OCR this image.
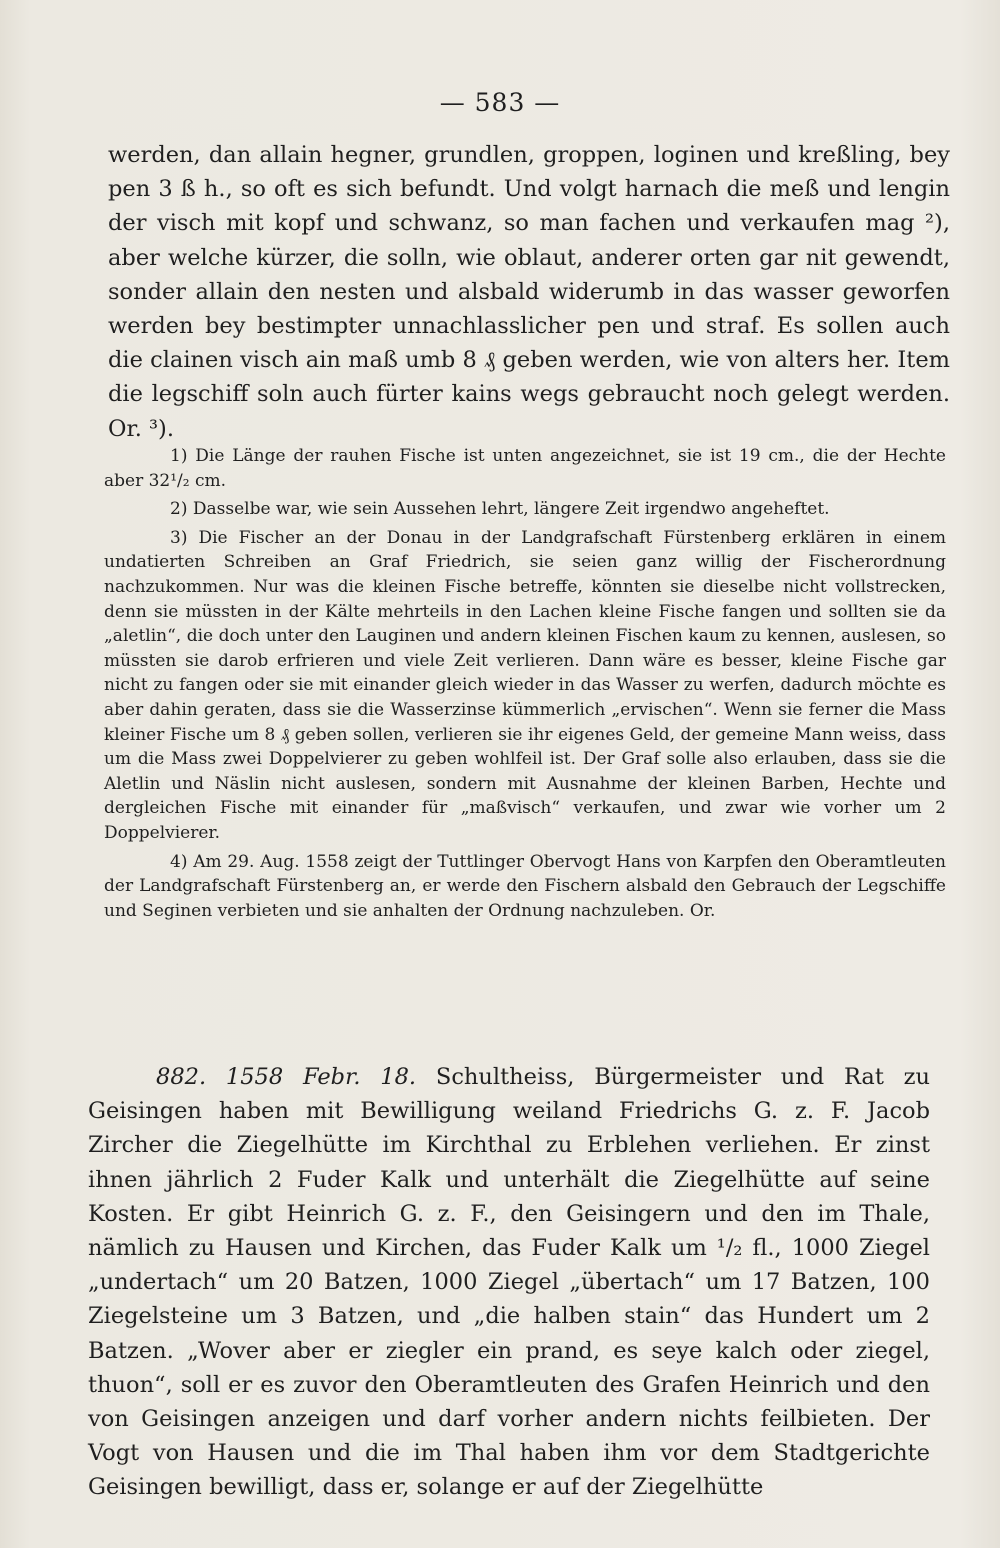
— 583 —

werden, dan allain hegner, grundlen, groppen, loginen und kreßling, bey pen 3 ß h., so oft es sich befundt. Und volgt harnach die meß und lengin der visch mit kopf und schwanz, so man fachen und verkaufen mag ²), aber welche kürzer, die solln, wie oblaut, anderer orten gar nit gewendt, sonder allain den nesten und alsbald widerumb in das wasser geworfen werden bey bestimpter unnachlasslicher pen und straf. Es sollen auch die clainen visch ain maß umb 8 ₰ geben werden, wie von alters her. Item die legschiff soln auch fürter kains wegs gebraucht noch gelegt werden. Or. ³).

1) Die Länge der rauhen Fische ist unten angezeichnet, sie ist 19 cm., die der Hechte aber 32¹/₂ cm.

2) Dasselbe war, wie sein Aussehen lehrt, längere Zeit irgendwo angeheftet.

3) Die Fischer an der Donau in der Landgrafschaft Fürstenberg erklären in einem undatierten Schreiben an Graf Friedrich, sie seien ganz willig der Fischerordnung nachzukommen. Nur was die kleinen Fische betreffe, könnten sie dieselbe nicht vollstrecken, denn sie müssten in der Kälte mehrteils in den Lachen kleine Fische fangen und sollten sie da „aletlin“, die doch unter den Lauginen und andern kleinen Fischen kaum zu kennen, auslesen, so müssten sie darob erfrieren und viele Zeit verlieren. Dann wäre es besser, kleine Fische gar nicht zu fangen oder sie mit einander gleich wieder in das Wasser zu werfen, dadurch möchte es aber dahin geraten, dass sie die Wasserzinse kümmerlich „ervischen“. Wenn sie ferner die Mass kleiner Fische um 8 ₰ geben sollen, verlieren sie ihr eigenes Geld, der gemeine Mann weiss, dass um die Mass zwei Doppelvierer zu geben wohlfeil ist. Der Graf solle also erlauben, dass sie die Aletlin und Näslin nicht auslesen, sondern mit Ausnahme der kleinen Barben, Hechte und dergleichen Fische mit einander für „maßvisch“ verkaufen, und zwar wie vorher um 2 Doppelvierer.

4) Am 29. Aug. 1558 zeigt der Tuttlinger Obervogt Hans von Karpfen den Oberamtleuten der Landgrafschaft Fürstenberg an, er werde den Fischern alsbald den Gebrauch der Legschiffe und Seginen verbieten und sie anhalten der Ordnung nachzuleben. Or.

882. 1558 Febr. 18. Schultheiss, Bürgermeister und Rat zu Geisingen haben mit Bewilligung weiland Friedrichs G. z. F. Jacob Zircher die Ziegelhütte im Kirchthal zu Erblehen verliehen. Er zinst ihnen jährlich 2 Fuder Kalk und unterhält die Ziegelhütte auf seine Kosten. Er gibt Heinrich G. z. F., den Geisingern und den im Thale, nämlich zu Hausen und Kirchen, das Fuder Kalk um ¹/₂ fl., 1000 Ziegel „undertach“ um 20 Batzen, 1000 Ziegel „übertach“ um 17 Batzen, 100 Ziegelsteine um 3 Batzen, und „die halben stain“ das Hundert um 2 Batzen. „Wover aber er ziegler ein prand, es seye kalch oder ziegel, thuon“, soll er es zuvor den Oberamtleuten des Grafen Heinrich und den von Geisingen anzeigen und darf vorher andern nichts feilbieten. Der Vogt von Hausen und die im Thal haben ihm vor dem Stadtgerichte Geisingen bewilligt, dass er, solange er auf der Ziegelhütte
